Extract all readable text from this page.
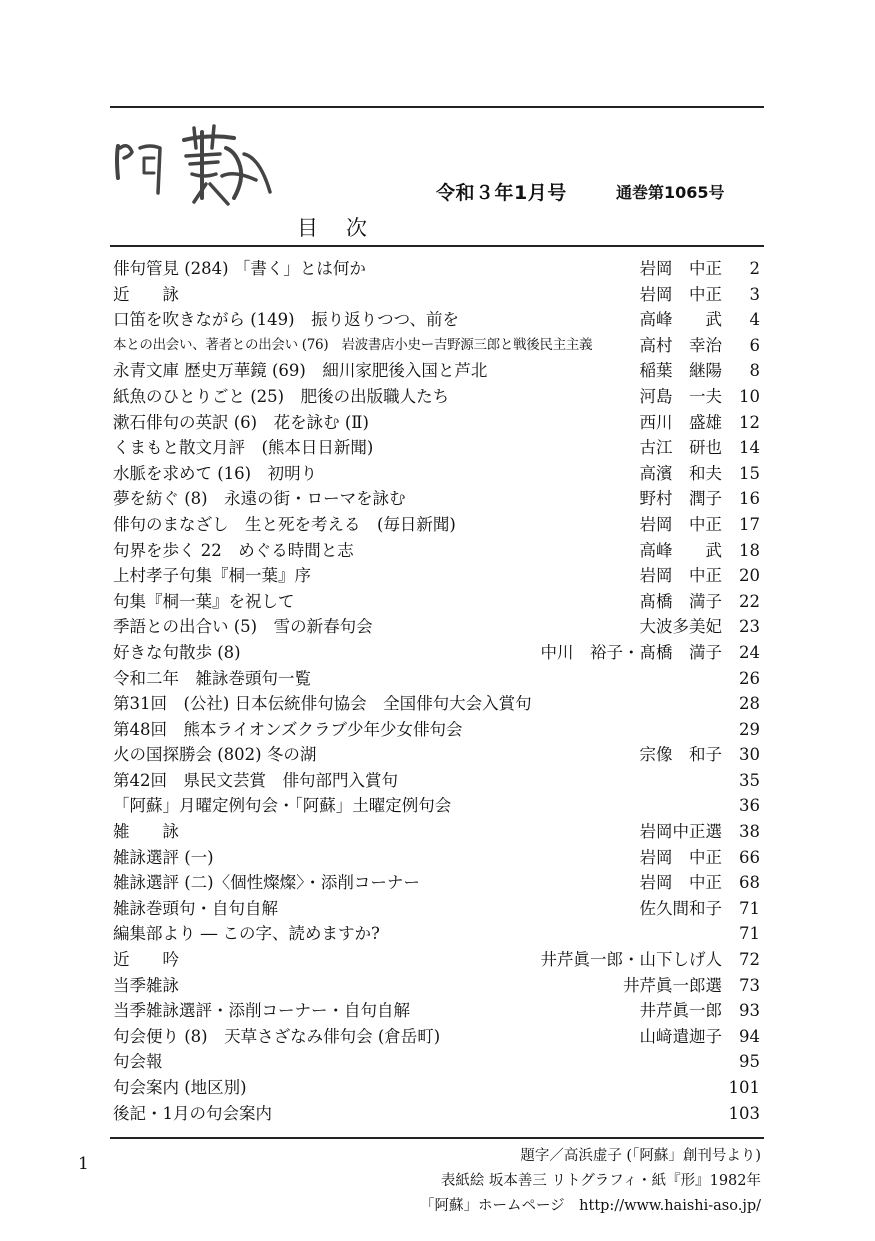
令和３年1月号	通巻第1065号
目次
俳句管見 (284) 「書く」とは何か	岩岡　中正	2
近　　詠	岩岡　中正	3
口笛を吹きながら (149)　振り返りつつ、前を	高峰　　武	4
本との出会い、著者との出会い (76)　岩波書店小史ー吉野源三郎と戦後民主主義	高村　幸治	6
永青文庫 歴史万華鏡 (69)　細川家肥後入国と芦北	稲葉　継陽	8
紙魚のひとりごと (25)　肥後の出版職人たち	河島　一夫	10
漱石俳句の英訳 (6)　花を詠む (Ⅱ)	西川　盛雄	12
くまもと散文月評　(熊本日日新聞)	古江　研也	14
水脈を求めて (16)　初明り	高濱　和夫	15
夢を紡ぐ (8)　永遠の街・ローマを詠む	野村　潤子	16
俳句のまなざし　生と死を考える　(毎日新聞)	岩岡　中正	17
句界を歩く 22　めぐる時間と志	高峰　　武	18
上村孝子句集『桐一葉』序	岩岡　中正	20
句集『桐一葉』を祝して	髙橋　満子	22
季語との出合い (5)　雪の新春句会	大波多美妃	23
好きな句散歩 (8)	中川　裕子・髙橋　満子	24
令和二年　雑詠巻頭句一覧	26
第31回　(公社) 日本伝統俳句協会　全国俳句大会入賞句	28
第48回　熊本ライオンズクラブ少年少女俳句会	29
火の国探勝会 (802) 冬の湖	宗像　和子	30
第42回　県民文芸賞　俳句部門入賞句	35
「阿蘇」月曜定例句会・「阿蘇」土曜定例句会	36
雑　　詠	岩岡中正選	38
雑詠選評 (一)	岩岡　中正	66
雑詠選評 (二)〈個性燦燦〉・添削コーナー	岩岡　中正	68
雑詠巻頭句・自句自解	佐久間和子	71
編集部より ― この字、読めますか?	71
近　　吟	井芹眞一郎・山下しげ人	72
当季雑詠	井芹眞一郎選	73
当季雑詠選評・添削コーナー・自句自解	井芹眞一郎	93
句会便り (8)　天草さざなみ俳句会 (倉岳町)	山﨑遣迦子	94
句会報	95
句会案内 (地区別)	101
後記・1月の句会案内	103
1	題字／高浜虚子 (「阿蘇」創刊号より)
表紙絵 坂本善三 リトグラフィ・紙『形』1982年
「阿蘇」ホームページ　http://www.haishi-aso.jp/
